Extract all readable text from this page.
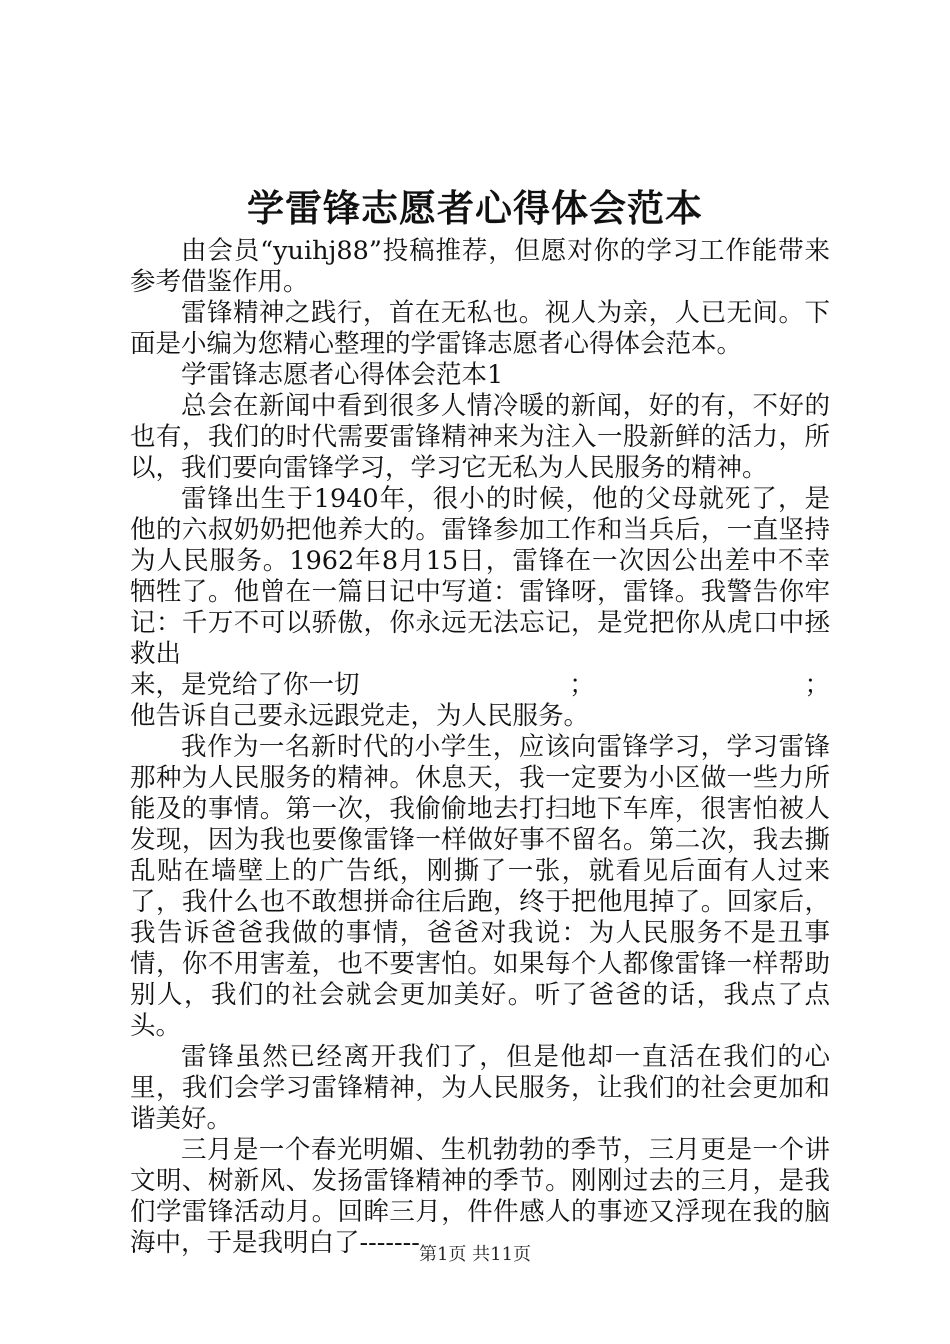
学雷锋志愿者心得体会范本

由会员“yuihj88”投稿推荐，但愿对你的学习工作能带来参考借鉴作用。

雷锋精神之践行，首在无私也。视人为亲，人已无间。下面是小编为您精心整理的学雷锋志愿者心得体会范本。

学雷锋志愿者心得体会范本1

总会在新闻中看到很多人情冷暖的新闻，好的有，不好的也有，我们的时代需要雷锋精神来为注入一股新鲜的活力，所以，我们要向雷锋学习，学习它无私为人民服务的精神。

雷锋出生于1940年，很小的时候，他的父母就死了，是他的六叔奶奶把他养大的。雷锋参加工作和当兵后，一直坚持为人民服务。1962年8月15日，雷锋在一次因公出差中不幸牺牲了。他曾在一篇日记中写道：雷锋呀，雷锋。我警告你牢记：千万不可以骄傲，你永远无法忘记，是党把你从虎口中拯救出

来，是党给了你一切	；	；
他告诉自己要永远跟党走，为人民服务。

我作为一名新时代的小学生，应该向雷锋学习，学习雷锋那种为人民服务的精神。休息天，我一定要为小区做一些力所能及的事情。第一次，我偷偷地去打扫地下车库，很害怕被人发现，因为我也要像雷锋一样做好事不留名。第二次，我去撕乱贴在墙壁上的广告纸，刚撕了一张，就看见后面有人过来了，我什么也不敢想拼命往后跑，终于把他甩掉了。回家后，我告诉爸爸我做的事情，爸爸对我说：为人民服务不是丑事情，你不用害羞，也不要害怕。如果每个人都像雷锋一样帮助别人，我们的社会就会更加美好。听了爸爸的话，我点了点头。

雷锋虽然已经离开我们了，但是他却一直活在我们的心里，我们会学习雷锋精神，为人民服务，让我们的社会更加和谐美好。

三月是一个春光明媚、生机勃勃的季节，三月更是一个讲文明、树新风、发扬雷锋精神的季节。刚刚过去的三月，是我们学雷锋活动月。回眸三月，件件感人的事迹又浮现在我的脑海中，于是我明白了------- 第1页 共11页
